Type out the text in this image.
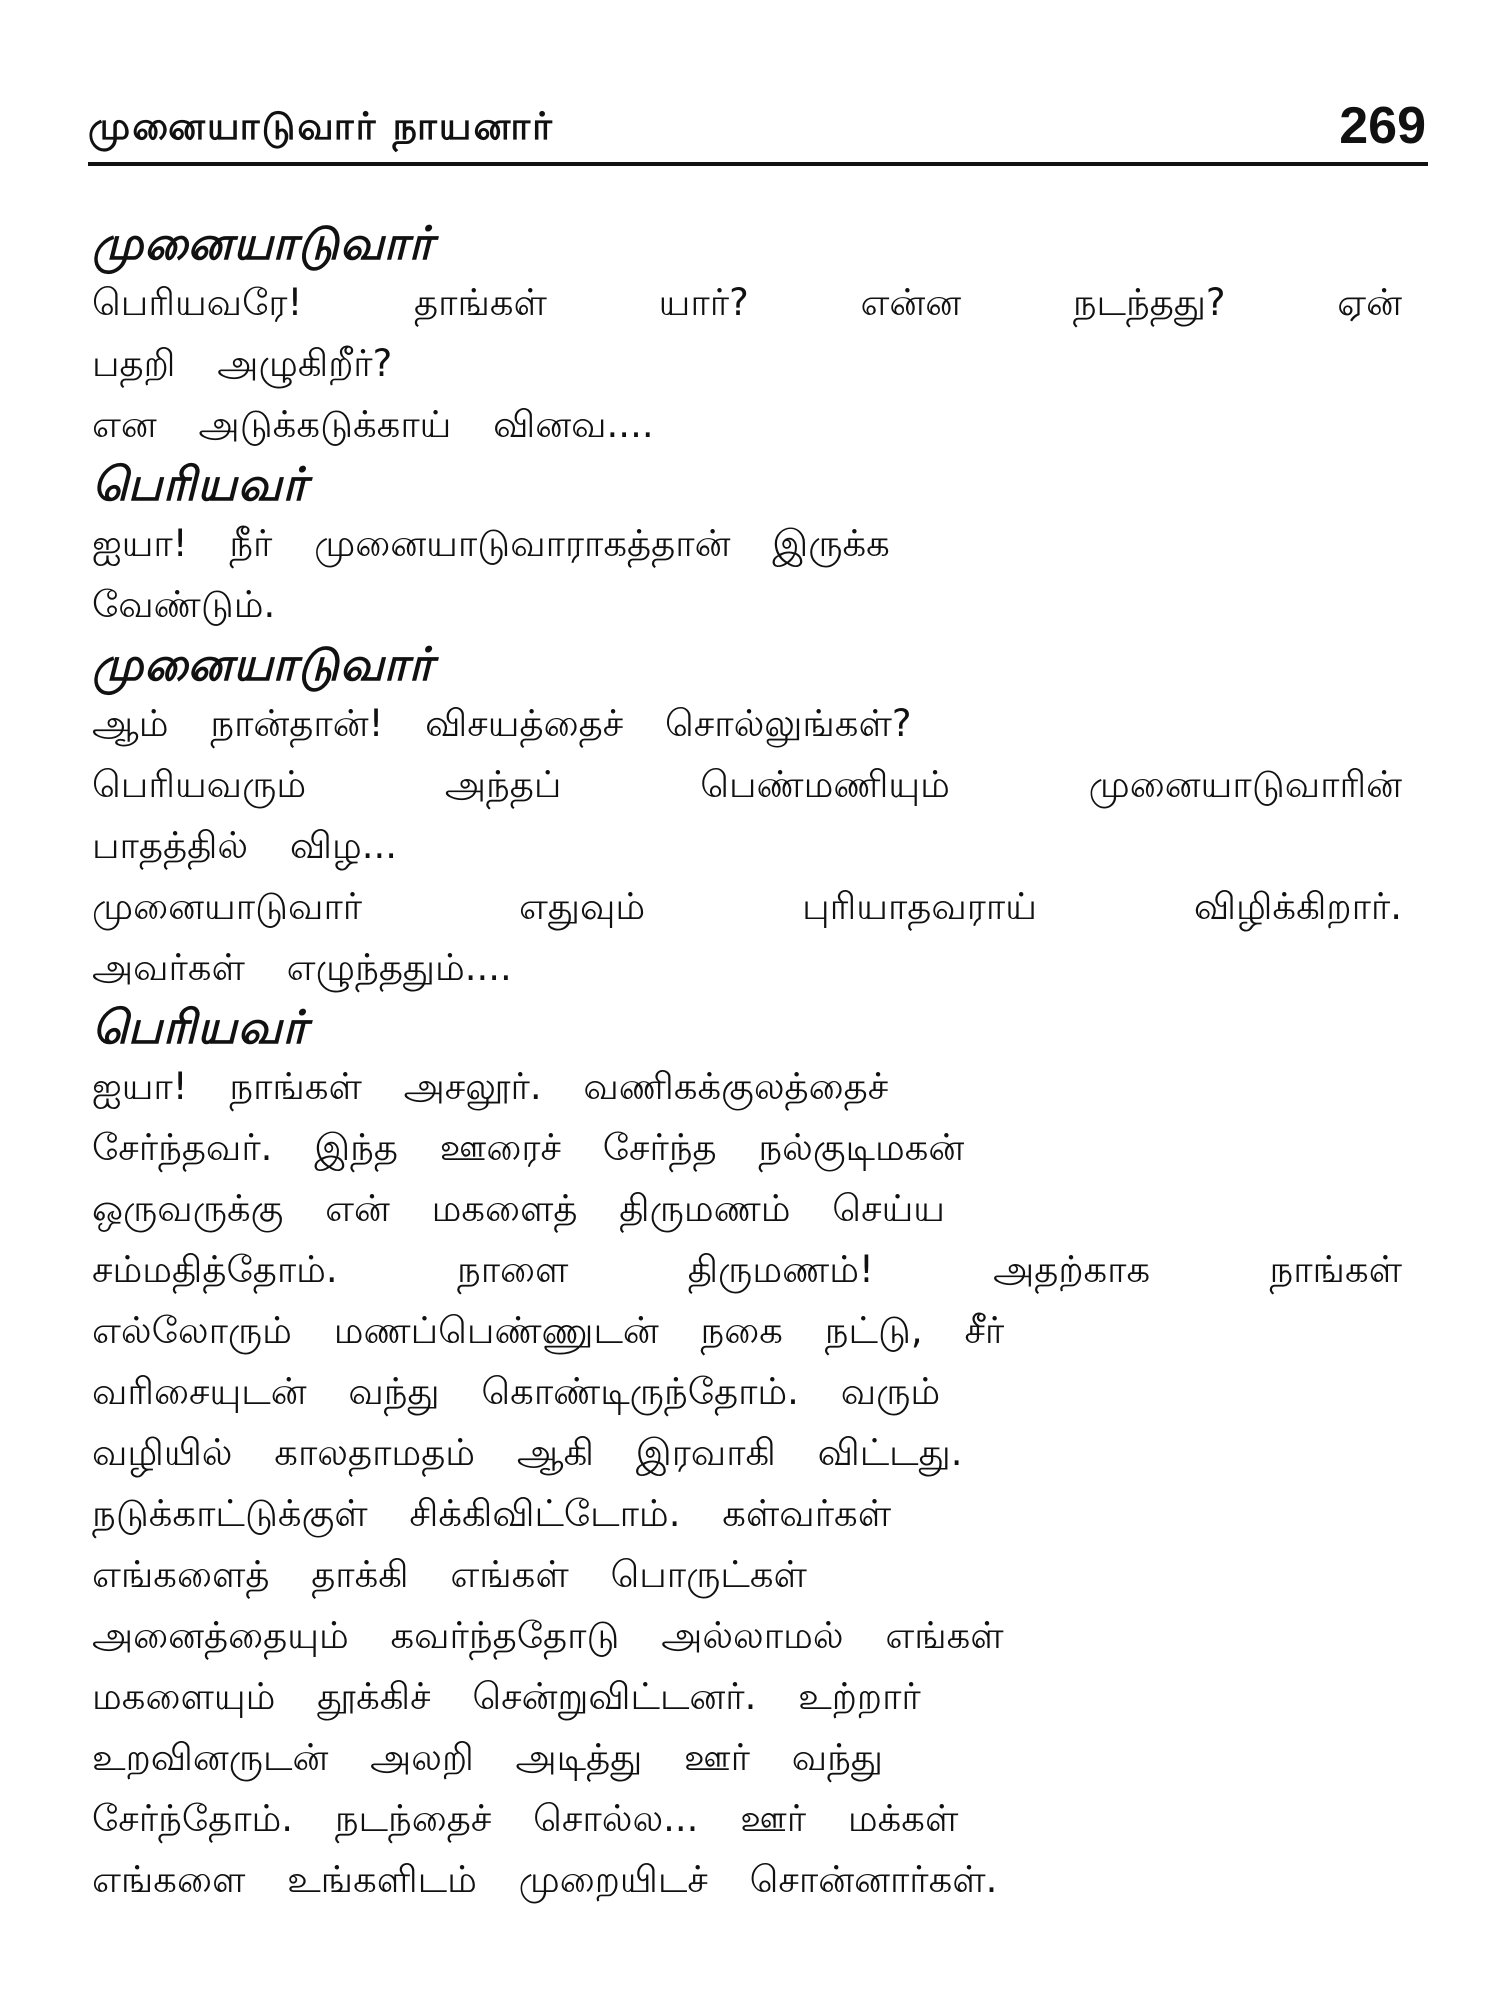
முனையாடுவார் நாயனார்	269
முனையாடுவார்
பெரியவரே! தாங்கள் யார்? என்ன நடந்தது? ஏன்
பதறி அழுகிறீர்?
என அடுக்கடுக்காய் வினவ....
பெரியவர்
ஐயா! நீர் முனையாடுவாராகத்தான் இருக்க
வேண்டும்.
முனையாடுவார்
ஆம் நான்தான்! விசயத்தைச் சொல்லுங்கள்?
பெரியவரும் அந்தப் பெண்மணியும் முனையாடுவாரின்
பாதத்தில் விழ...
முனையாடுவார் எதுவும் புரியாதவராய் விழிக்கிறார்.
அவர்கள் எழுந்ததும்....
பெரியவர்
ஐயா! நாங்கள் அசலூர். வணிகக்குலத்தைச்
சேர்ந்தவர். இந்த ஊரைச் சேர்ந்த நல்குடிமகன்
ஒருவருக்கு என் மகளைத் திருமணம் செய்ய
சம்மதித்தோம். நாளை திருமணம்! அதற்காக நாங்கள்
எல்லோரும் மணப்பெண்ணுடன் நகை நட்டு, சீர்
வரிசையுடன் வந்து கொண்டிருந்தோம். வரும்
வழியில் காலதாமதம் ஆகி இரவாகி விட்டது.
நடுக்காட்டுக்குள் சிக்கிவிட்டோம். கள்வர்கள்
எங்களைத் தாக்கி எங்கள் பொருட்கள்
அனைத்தையும் கவர்ந்ததோடு அல்லாமல் எங்கள்
மகளையும் தூக்கிச் சென்றுவிட்டனர். உற்றார்
உறவினருடன் அலறி அடித்து ஊர் வந்து
சேர்ந்தோம். நடந்தைச் சொல்ல... ஊர் மக்கள்
எங்களை உங்களிடம் முறையிடச் சொன்னார்கள்.
